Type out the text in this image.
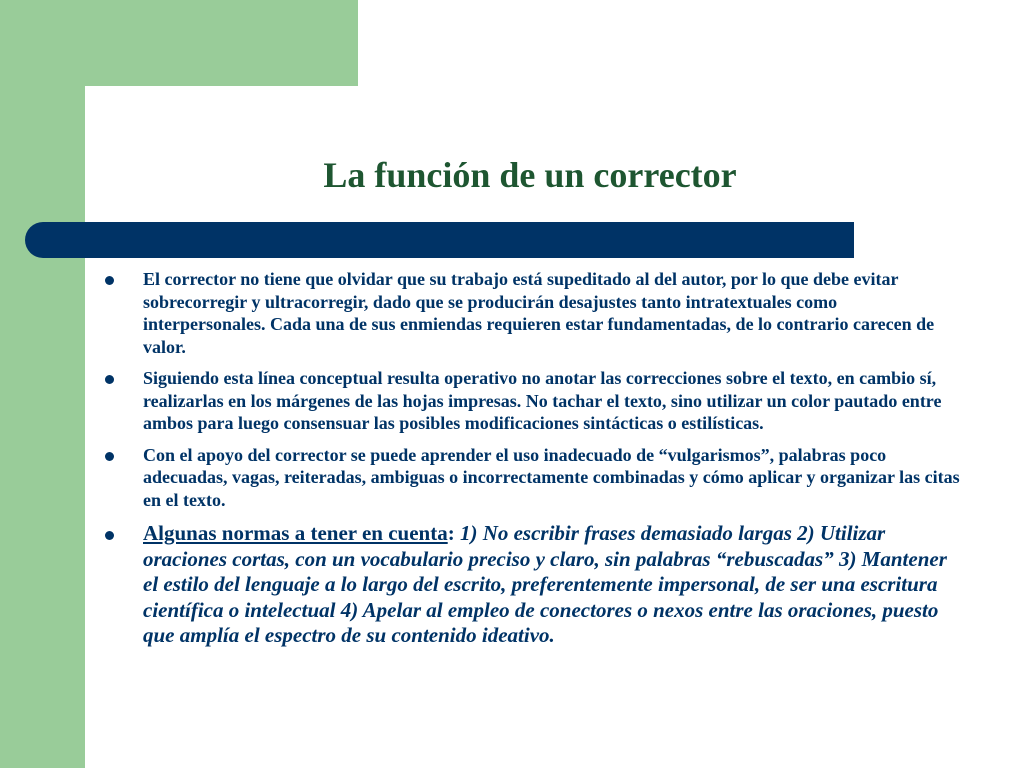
La función de un corrector
El corrector no tiene que olvidar que su trabajo está supeditado al del autor, por lo que debe evitar sobrecorregir y ultracorregir, dado que se producirán desajustes tanto intratextuales como interpersonales. Cada una de sus enmiendas requieren estar fundamentadas, de lo contrario carecen de valor.
Siguiendo esta línea conceptual resulta operativo no anotar las correcciones sobre el texto, en cambio sí, realizarlas en los márgenes de las hojas impresas. No tachar el texto, sino utilizar un color pautado entre ambos para luego consensuar las posibles modificaciones sintácticas o estilísticas.
Con el apoyo del corrector se puede aprender el uso inadecuado de “vulgarismos”, palabras poco adecuadas, vagas, reiteradas, ambiguas o incorrectamente combinadas y cómo aplicar y organizar las citas en el texto.
Algunas normas a tener en cuenta: 1) No escribir frases demasiado largas 2) Utilizar oraciones cortas, con un vocabulario preciso y claro, sin palabras “rebuscadas” 3) Mantener el estilo del lenguaje a lo largo del escrito, preferentemente impersonal, de ser una escritura científica o intelectual 4) Apelar al empleo de conectores o nexos entre las oraciones, puesto que amplía el espectro de su contenido ideativo.
